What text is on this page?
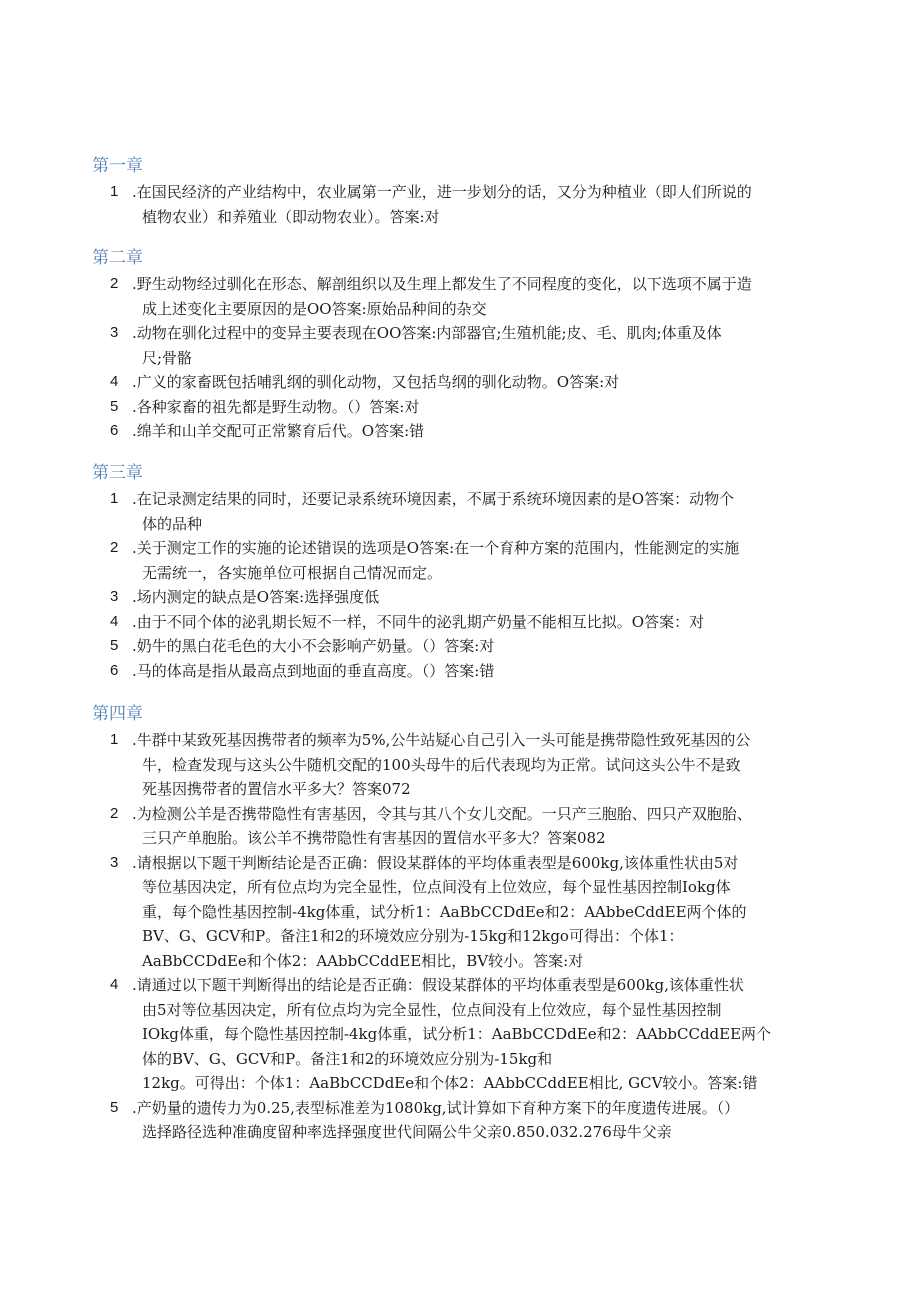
第一章
1 .在国民经济的产业结构中，农业属第一产业，进一步划分的话，又分为种植业（即人们所说的
植物农业）和养殖业（即动物农业）。答案:对
第二章
2 .野生动物经过驯化在形态、解剖组织以及生理上都发生了不同程度的变化，以下选项不属于造
成上述变化主要原因的是OO答案:原始品种间的杂交
3 .动物在驯化过程中的变异主要表现在OO答案:内部器官;生殖机能;皮、毛、肌肉;体重及体
尺;骨骼
4 .广义的家畜既包括哺乳纲的驯化动物，又包括鸟纲的驯化动物。O答案:对
5 .各种家畜的祖先都是野生动物。（）答案:对
6 .绵羊和山羊交配可正常繁育后代。O答案:错
第三章
1 .在记录测定结果的同时，还要记录系统环境因素，不属于系统环境因素的是O答案：动物个
体的品种
2 .关于测定工作的实施的论述错误的选项是O答案:在一个育种方案的范围内，性能测定的实施
无需统一，各实施单位可根据自己情况而定。
3 .场内测定的缺点是O答案:选择强度低
4 .由于不同个体的泌乳期长短不一样，不同牛的泌乳期产奶量不能相互比拟。O答案：对
5 .奶牛的黑白花毛色的大小不会影响产奶量。（）答案:对
6 .马的体高是指从最高点到地面的垂直高度。（）答案:错
第四章
1 .牛群中某致死基因携带者的频率为5%,公牛站疑心自己引入一头可能是携带隐性致死基因的公
牛，检查发现与这头公牛随机交配的100头母牛的后代表现均为正常。试问这头公牛不是致
死基因携带者的置信水平多大？答案072
2 .为检测公羊是否携带隐性有害基因，令其与其八个女儿交配。一只产三胞胎、四只产双胞胎、
三只产单胞胎。该公羊不携带隐性有害基因的置信水平多大？答案082
3 .请根据以下题干判断结论是否正确：假设某群体的平均体重表型是600kg,该体重性状由5对
等位基因决定，所有位点均为完全显性，位点间没有上位效应，每个显性基因控制Iokg体
重，每个隐性基因控制-4kg体重，试分析1：AaBbCCDdEe和2：AAbbeCddEE两个体的
BV、G、GCV和P。备注1和2的环境效应分别为-15kg和12kgo可得出：个体1：
AaBbCCDdEe和个体2：AAbbCCddEE相比，BV较小。答案:对
4 .请通过以下题干判断得出的结论是否正确：假设某群体的平均体重表型是600kg,该体重性状
由5对等位基因决定，所有位点均为完全显性，位点间没有上位效应，每个显性基因控制
IOkg体重，每个隐性基因控制-4kg体重，试分析1：AaBbCCDdEe和2：AAbbCCddEE两个
体的BV、G、GCV和P。备注1和2的环境效应分别为-15kg和
12kg。可得出：个体1：AaBbCCDdEe和个体2：AAbbCCddEE相比, GCV较小。答案:错
5 .产奶量的遗传力为0.25,表型标准差为1080kg,试计算如下育种方案下的年度遗传进展。（）
选择路径选种准确度留种率选择强度世代间隔公牛父亲0.850.032.276母牛父亲
